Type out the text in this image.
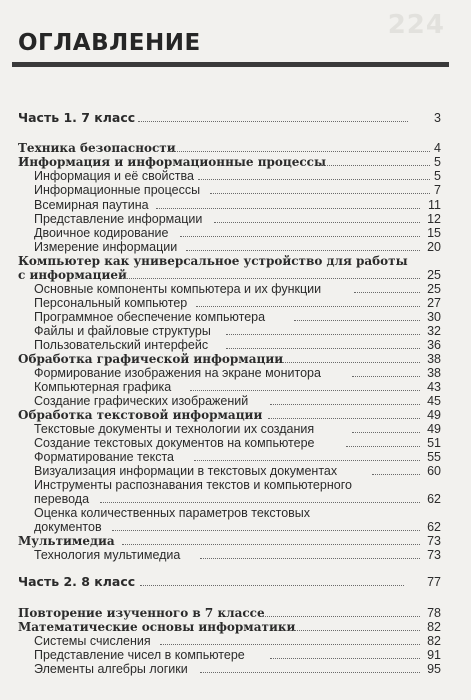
224
ОГЛАВЛЕНИЕ

Часть 1. 7 класс	3
Техника безопасности	4
Информация и информационные процессы	5
Информация и её свойства	5
Информационные процессы	7
Всемирная паутина	11
Представление информации	12
Двоичное кодирование	15
Измерение информации	20
Компьютер как универсальное устройство для работы
с информацией	25
Основные компоненты компьютера и их функции	25
Персональный компьютер	27
Программное обеспечение компьютера	30
Файлы и файловые структуры	32
Пользовательский интерфейс	36
Обработка графической информации	38
Формирование изображения на экране монитора	38
Компьютерная графика	43
Создание графических изображений	45
Обработка текстовой информации	49
Текстовые документы и технологии их создания	49
Создание текстовых документов на компьютере	51
Форматирование текста	55
Визуализация информации в текстовых документах	60
Инструменты распознавания текстов и компьютерного
перевода	62
Оценка количественных параметров текстовых
документов	62
Мультимедиа	73
Технология мультимедиа	73
Часть 2. 8 класс	77
Повторение изученного в 7 классе	78
Математические основы информатики	82
Системы счисления	82
Представление чисел в компьютере	91
Элементы алгебры логики	95
